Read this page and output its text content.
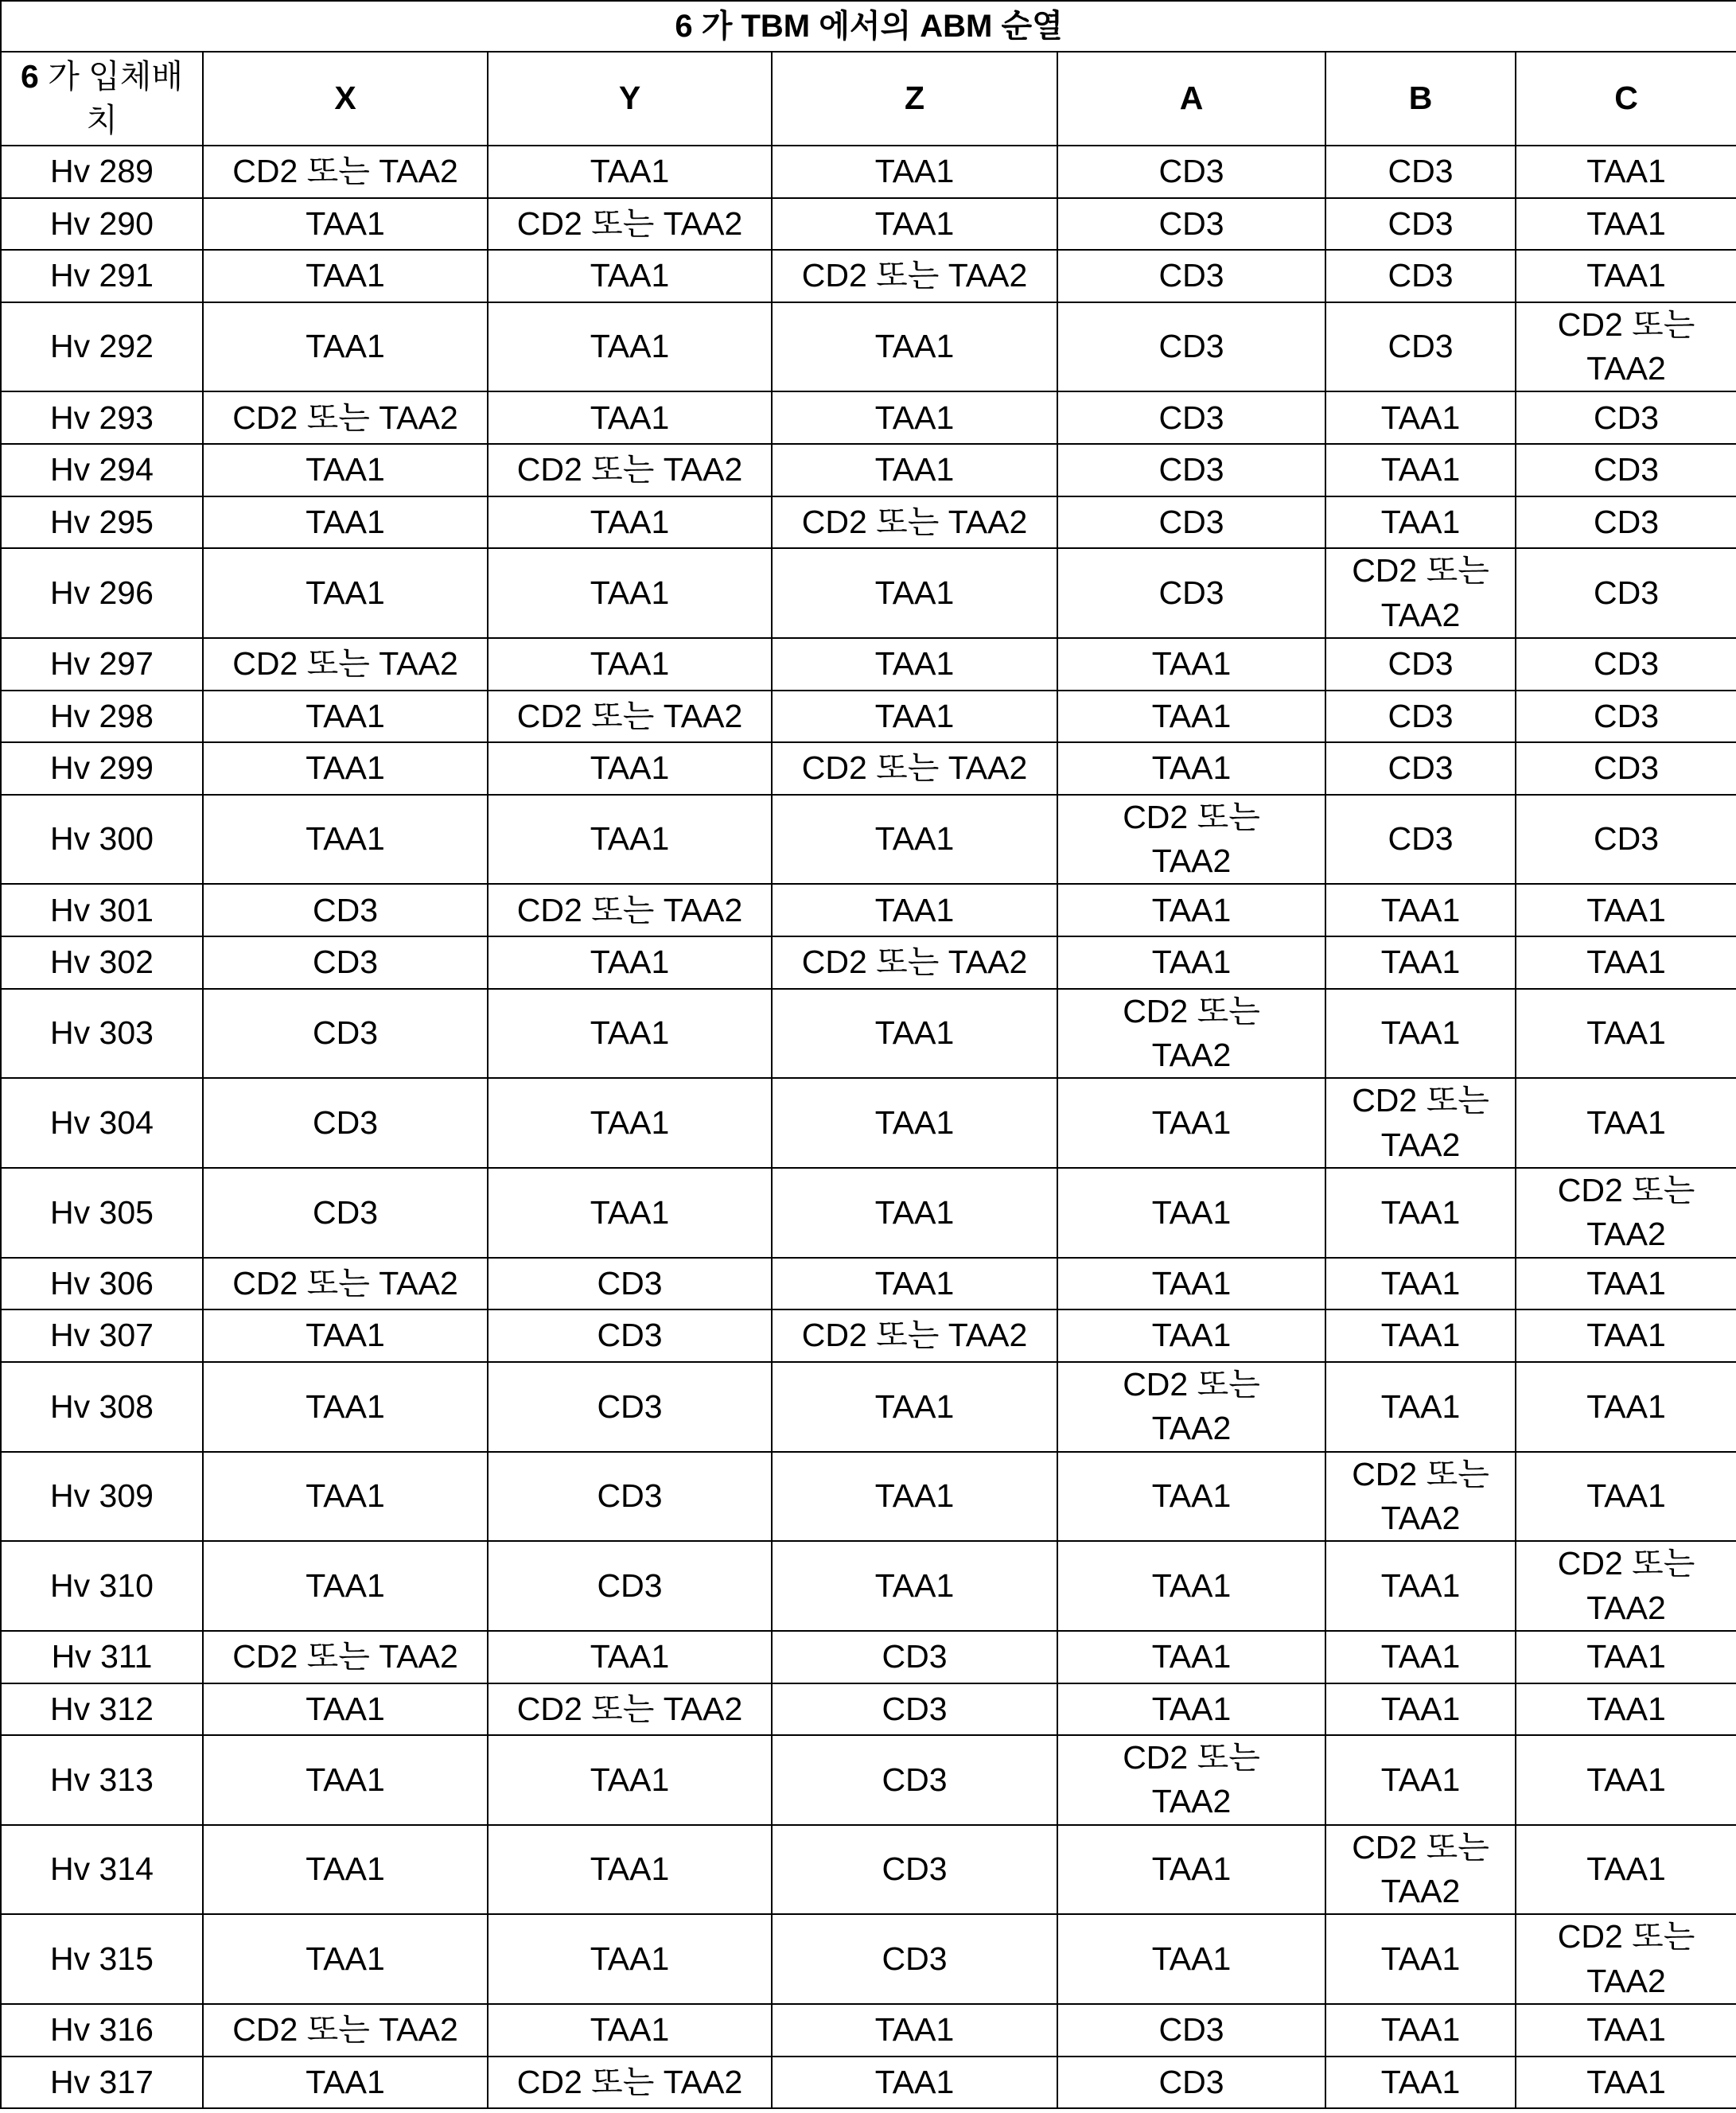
6 가 TBM 에서의 ABM 순열
6 가 입체배치	X	Y	Z	A	B	C
Hv 289	CD2 또는 TAA2	TAA1	TAA1	CD3	CD3	TAA1
Hv 290	TAA1	CD2 또는 TAA2	TAA1	CD3	CD3	TAA1
Hv 291	TAA1	TAA1	CD2 또는 TAA2	CD3	CD3	TAA1
Hv 292	TAA1	TAA1	TAA1	CD3	CD3	CD2 또는 TAA2
Hv 293	CD2 또는 TAA2	TAA1	TAA1	CD3	TAA1	CD3
Hv 294	TAA1	CD2 또는 TAA2	TAA1	CD3	TAA1	CD3
Hv 295	TAA1	TAA1	CD2 또는 TAA2	CD3	TAA1	CD3
Hv 296	TAA1	TAA1	TAA1	CD3	CD2 또는 TAA2	CD3
Hv 297	CD2 또는 TAA2	TAA1	TAA1	TAA1	CD3	CD3
Hv 298	TAA1	CD2 또는 TAA2	TAA1	TAA1	CD3	CD3
Hv 299	TAA1	TAA1	CD2 또는 TAA2	TAA1	CD3	CD3
Hv 300	TAA1	TAA1	TAA1	CD2 또는 TAA2	CD3	CD3
Hv 301	CD3	CD2 또는 TAA2	TAA1	TAA1	TAA1	TAA1
Hv 302	CD3	TAA1	CD2 또는 TAA2	TAA1	TAA1	TAA1
Hv 303	CD3	TAA1	TAA1	CD2 또는 TAA2	TAA1	TAA1
Hv 304	CD3	TAA1	TAA1	TAA1	CD2 또는 TAA2	TAA1
Hv 305	CD3	TAA1	TAA1	TAA1	TAA1	CD2 또는 TAA2
Hv 306	CD2 또는 TAA2	CD3	TAA1	TAA1	TAA1	TAA1
Hv 307	TAA1	CD3	CD2 또는 TAA2	TAA1	TAA1	TAA1
Hv 308	TAA1	CD3	TAA1	CD2 또는 TAA2	TAA1	TAA1
Hv 309	TAA1	CD3	TAA1	TAA1	CD2 또는 TAA2	TAA1
Hv 310	TAA1	CD3	TAA1	TAA1	TAA1	CD2 또는 TAA2
Hv 311	CD2 또는 TAA2	TAA1	CD3	TAA1	TAA1	TAA1
Hv 312	TAA1	CD2 또는 TAA2	CD3	TAA1	TAA1	TAA1
Hv 313	TAA1	TAA1	CD3	CD2 또는 TAA2	TAA1	TAA1
Hv 314	TAA1	TAA1	CD3	TAA1	CD2 또는 TAA2	TAA1
Hv 315	TAA1	TAA1	CD3	TAA1	TAA1	CD2 또는 TAA2
Hv 316	CD2 또는 TAA2	TAA1	TAA1	CD3	TAA1	TAA1
Hv 317	TAA1	CD2 또는 TAA2	TAA1	CD3	TAA1	TAA1
